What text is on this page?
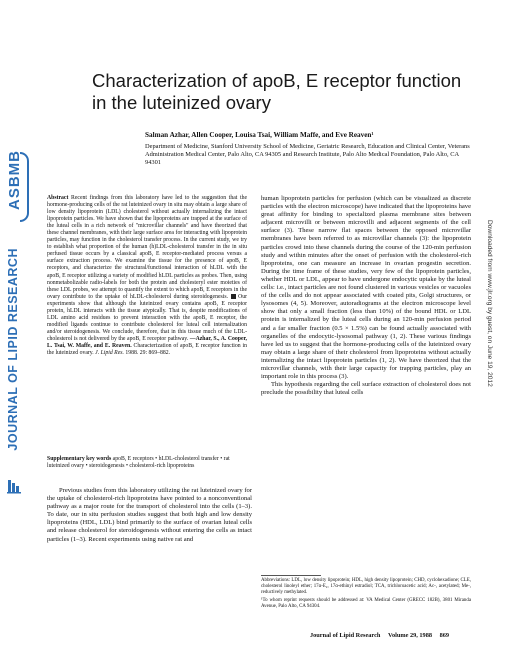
ASBMB
JOURNAL OF LIPID RESEARCH	Downloaded from www.jlr.org by guest, on June 19, 2012
Characterization of apoB, E receptor function in the luteinized ovary
Salman Azhar, Allen Cooper, Louisa Tsai, William Maffe, and Eve Reaven¹
Department of Medicine, Stanford University School of Medicine, Geriatric Research, Education and Clinical Center, Veterans Administration Medical Center, Palo Alto, CA 94305 and Research Institute, Palo Alto Medical Foundation, Palo Alto, CA 94301
Abstract Recent findings from this laboratory have led to the suggestion that the hormone-producing cells of the rat luteinized ovary in situ may obtain a large share of low density lipoprotein (LDL) cholesterol without actually internalizing the intact lipoprotein particles. We have shown that the lipoproteins are trapped at the surface of the luteal cells in a rich network of "microvillar channels" and have theorized that these channel membranes, with their large surface area for interacting with lipoprotein particles, may function in the cholesterol transfer process. In the current study, we try to establish what proportion of the human (h)LDL-cholesterol transfer in the in situ perfused tissue occurs by a classical apoB, E receptor-mediated process versus a surface extraction process. We examine the tissue for the presence of apoB, E receptors, and characterize the structural/functional interaction of hLDL with the apoB, E receptor utilizing a variety of modified hLDL particles as probes. Then, using nonmetabolizable radio-labels for both the protein and cholesteryl ester moieties of these LDL probes, we attempt to quantify the extent to which apoB, E receptors in the ovary contribute to the uptake of hLDL-cholesterol during steroidogenesis. Our experiments show that although the luteinized ovary contains apoB, E receptor protein, hLDL interacts with the tissue atypically. That is, despite modifications of LDL amino acid residues to prevent interaction with the apoB, E receptor, the modified ligands continue to contribute cholesterol for luteal cell internalization and/or steroidogenesis. We conclude, therefore, that in this tissue much of the LDL-cholesterol is not delivered by the apoB, E receptor pathway. —Azhar, S., A. Cooper, L. Tsai, W. Maffe, and E. Reaven. Characterization of apoB, E receptor function in the luteinized ovary. J. Lipid Res. 1988. 29: 869–882.
Supplementary key words apoB, E receptors • hLDL-cholesterol transfer • rat luteinized ovary • steroidogenesis • cholesterol-rich lipoproteins
Previous studies from this laboratory utilizing the rat luteinized ovary for the uptake of cholesterol-rich lipoproteins have pointed to a nonconventional pathway as a major route for the transport of cholesterol into the cells (1–3). To date, our in situ perfusion studies suggest that both high and low density lipoproteins (HDL, LDL) bind primarily to the surface of ovarian luteal cells and release cholesterol for steroidogenesis without entering the cells as intact particles (1–3). Recent experiments using native rat and

human lipoprotein particles for perfusion (which can be visualized as discrete particles with the electron microscope) have indicated that the lipoproteins have great affinity for binding to specialized plasma membrane sites between adjacent microvilli or between microvilli and adjacent segments of the cell surface (3). These narrow flat spaces between the opposed microvillar membranes have been referred to as microvillar channels (3): the lipoprotein particles crowd into these channels during the course of the 120-min perfusion study and within minutes after the onset of perfusion with the cholesterol-rich lipoproteins, one can measure an increase in ovarian progestin secretion. During the time frame of these studies, very few of the lipoprotein particles, whether HDL or LDL, appear to have undergone endocytic uptake by the luteal cells: i.e., intact particles are not found clustered in various vesicles or vacuoles of the cells and do not appear associated with coated pits, Golgi structures, or lysosomes (4, 5). Moreover, autoradiograms at the electron microscope level show that only a small fraction (less than 10%) of the bound HDL or LDL protein is internalized by the luteal cells during an 120-min perfusion period and a far smaller fraction (0.5 × 1.5%) can be found actually associated with organelles of the endocytic-lysosomal pathway (1, 2). These various findings have led us to suggest that the hormone-producing cells of the luteinized ovary may obtain a large share of their cholesterol from lipoproteins without actually internalizing the intact lipoprotein particles (1, 2). We have theorized that the microvillar channels, with their large capacity for trapping particles, play an important role in this process (3).

This hypothesis regarding the cell surface extraction of cholesterol does not preclude the possibility that luteal cells

Abbreviations: LDL, low density lipoprotein; HDL, high density lipoprotein; CHD, cyclohexadione; CLE, cholesterol linoleyl ether; 17α-E₂, 17α-ethinyl estradiol; TCA, trichloroacetic acid; Ac-, acetylated; Me-, reductively methylated.

¹To whom reprint requests should be addressed at: VA Medical Center (GRECC 182B), 3801 Miranda Avenue, Palo Alto, CA 94304.

Journal of Lipid Research Volume 29, 1988 869
